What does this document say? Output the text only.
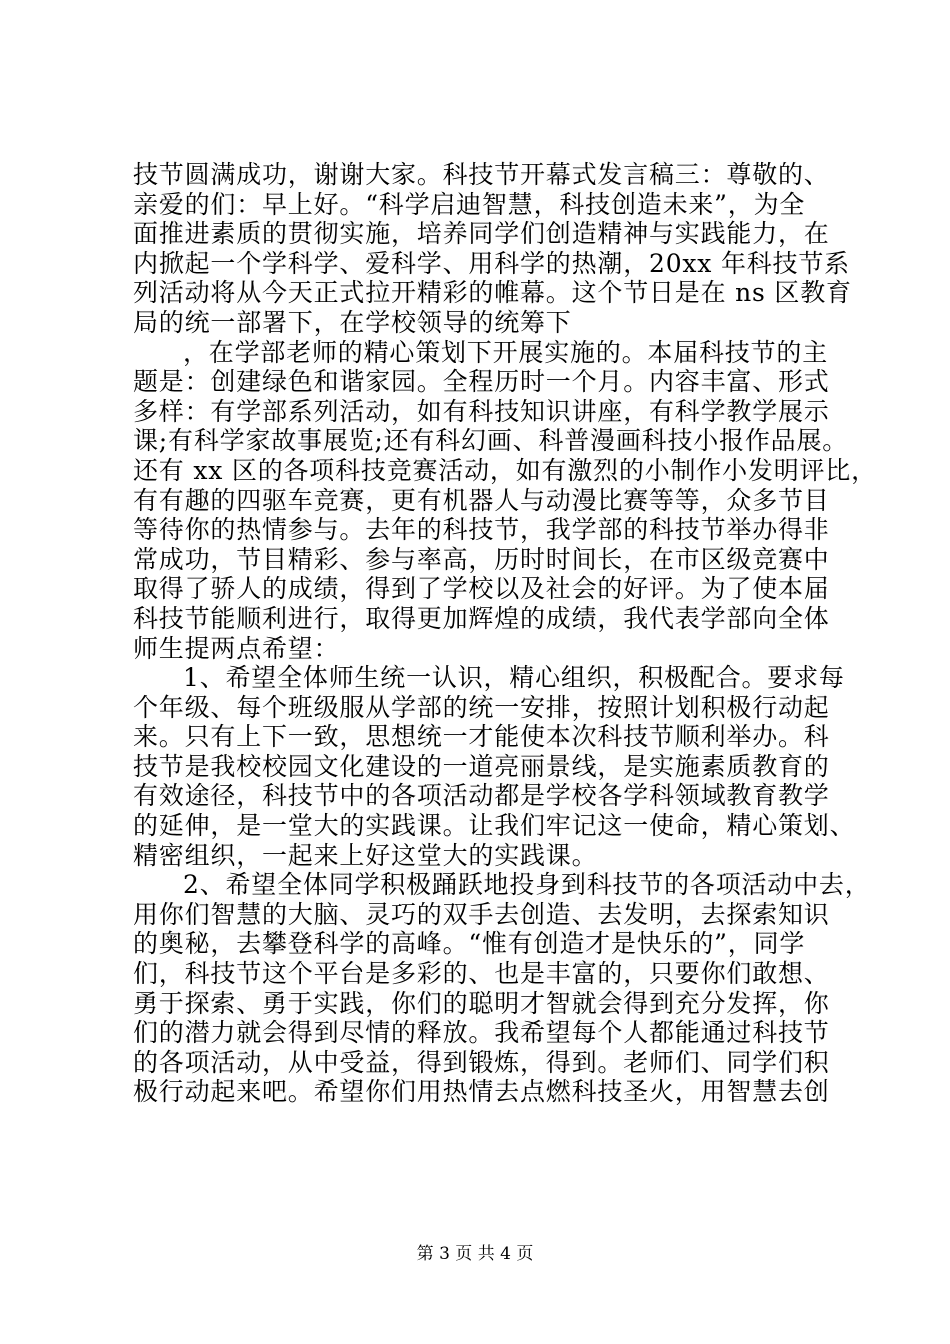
技节圆满成功，谢谢大家。科技节开幕式发言稿三：尊敬的、
亲爱的们：早上好。“科学启迪智慧，科技创造未来”，为全
面推进素质的贯彻实施，培养同学们创造精神与实践能力，在
内掀起一个学科学、爱科学、用科学的热潮，20xx 年科技节系
列活动将从今天正式拉开精彩的帷幕。这个节日是在 ns 区教育
局的统一部署下，在学校领导的统筹下
，在学部老师的精心策划下开展实施的。本届科技节的主
题是：创建绿色和谐家园。全程历时一个月。内容丰富、形式
多样：有学部系列活动，如有科技知识讲座，有科学教学展示
课;有科学家故事展览;还有科幻画、科普漫画科技小报作品展。
还有 xx 区的各项科技竞赛活动，如有激烈的小制作小发明评比，
有有趣的四驱车竞赛，更有机器人与动漫比赛等等，众多节目
等待你的热情参与。去年的科技节，我学部的科技节举办得非
常成功，节目精彩、参与率高，历时时间长，在市区级竞赛中
取得了骄人的成绩，得到了学校以及社会的好评。为了使本届
科技节能顺利进行，取得更加辉煌的成绩，我代表学部向全体
师生提两点希望：
1、希望全体师生统一认识，精心组织，积极配合。要求每
个年级、每个班级服从学部的统一安排，按照计划积极行动起
来。只有上下一致，思想统一才能使本次科技节顺利举办。科
技节是我校校园文化建设的一道亮丽景线，是实施素质教育的
有效途径，科技节中的各项活动都是学校各学科领域教育教学
的延伸，是一堂大的实践课。让我们牢记这一使命，精心策划、
精密组织，一起来上好这堂大的实践课。
2、希望全体同学积极踊跃地投身到科技节的各项活动中去，
用你们智慧的大脑、灵巧的双手去创造、去发明，去探索知识
的奥秘，去攀登科学的高峰。“惟有创造才是快乐的”，同学
们，科技节这个平台是多彩的、也是丰富的，只要你们敢想、
勇于探索、勇于实践，你们的聪明才智就会得到充分发挥，你
们的潜力就会得到尽情的释放。我希望每个人都能通过科技节
的各项活动，从中受益，得到锻炼，得到。老师们、同学们积
极行动起来吧。希望你们用热情去点燃科技圣火，用智慧去创
第 3 页 共 4 页
